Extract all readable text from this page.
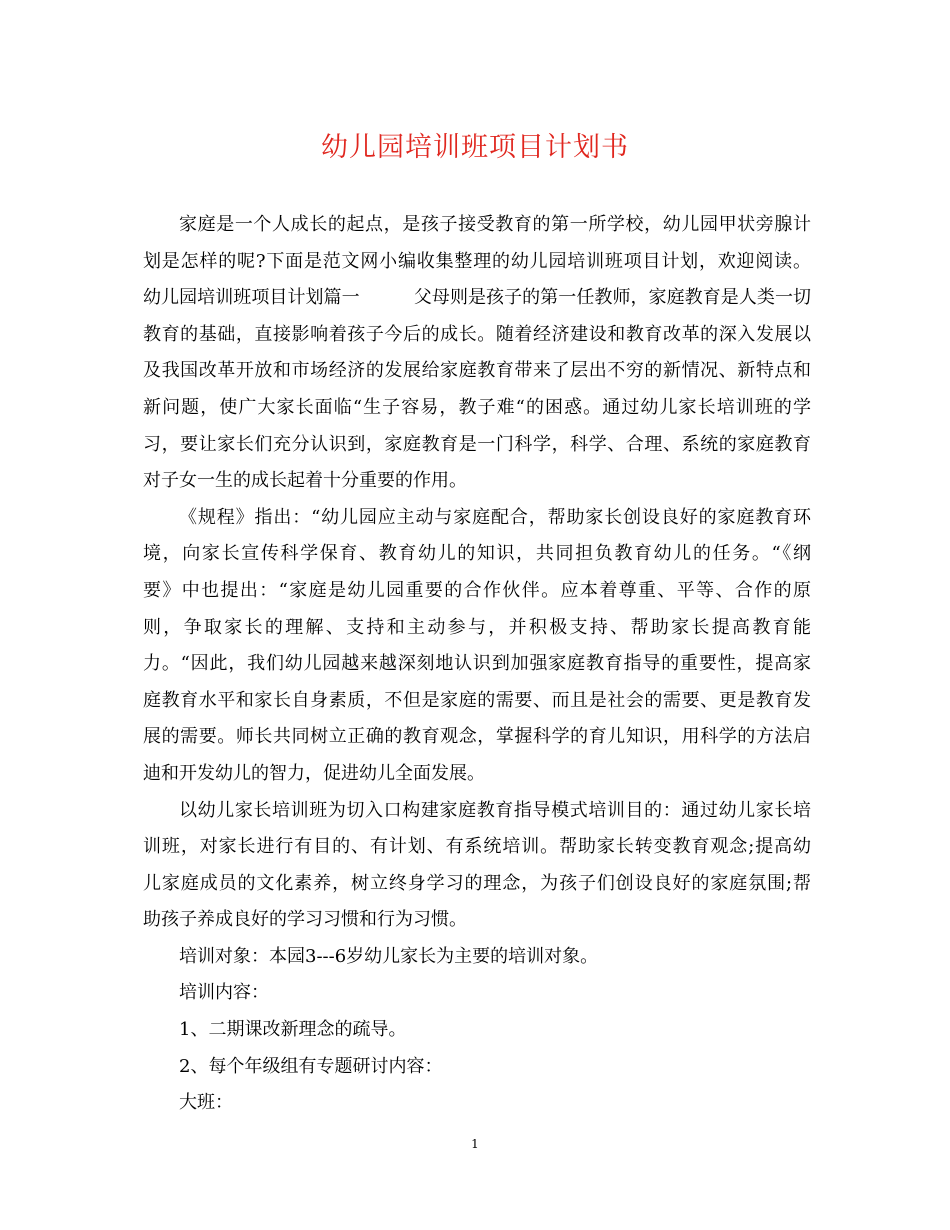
幼儿园培训班项目计划书
家庭是一个人成长的起点，是孩子接受教育的第一所学校，幼儿园甲状旁腺计
划是怎样的呢?下面是范文网小编收集整理的幼儿园培训班项目计划，欢迎阅读。
幼儿园培训班项目计划篇一　　　父母则是孩子的第一任教师，家庭教育是人类一切
教育的基础，直接影响着孩子今后的成长。随着经济建设和教育改革的深入发展以
及我国改革开放和市场经济的发展给家庭教育带来了层出不穷的新情况、新特点和
新问题，使广大家长面临“生子容易，教子难“的困惑。通过幼儿家长培训班的学
习，要让家长们充分认识到，家庭教育是一门科学，科学、合理、系统的家庭教育
对子女一生的成长起着十分重要的作用。
《规程》指出：“幼儿园应主动与家庭配合，帮助家长创设良好的家庭教育环
境，向家长宣传科学保育、教育幼儿的知识，共同担负教育幼儿的任务。“《纲
要》中也提出：“家庭是幼儿园重要的合作伙伴。应本着尊重、平等、合作的原
则，争取家长的理解、支持和主动参与，并积极支持、帮助家长提高教育能
力。“因此，我们幼儿园越来越深刻地认识到加强家庭教育指导的重要性，提高家
庭教育水平和家长自身素质，不但是家庭的需要、而且是社会的需要、更是教育发
展的需要。师长共同树立正确的教育观念，掌握科学的育儿知识，用科学的方法启
迪和开发幼儿的智力，促进幼儿全面发展。
以幼儿家长培训班为切入口构建家庭教育指导模式培训目的：通过幼儿家长培
训班，对家长进行有目的、有计划、有系统培训。帮助家长转变教育观念;提高幼
儿家庭成员的文化素养，树立终身学习的理念，为孩子们创设良好的家庭氛围;帮
助孩子养成良好的学习习惯和行为习惯。
培训对象：本园3---6岁幼儿家长为主要的培训对象。
培训内容：
1、二期课改新理念的疏导。
2、每个年级组有专题研讨内容：
大班：
1
